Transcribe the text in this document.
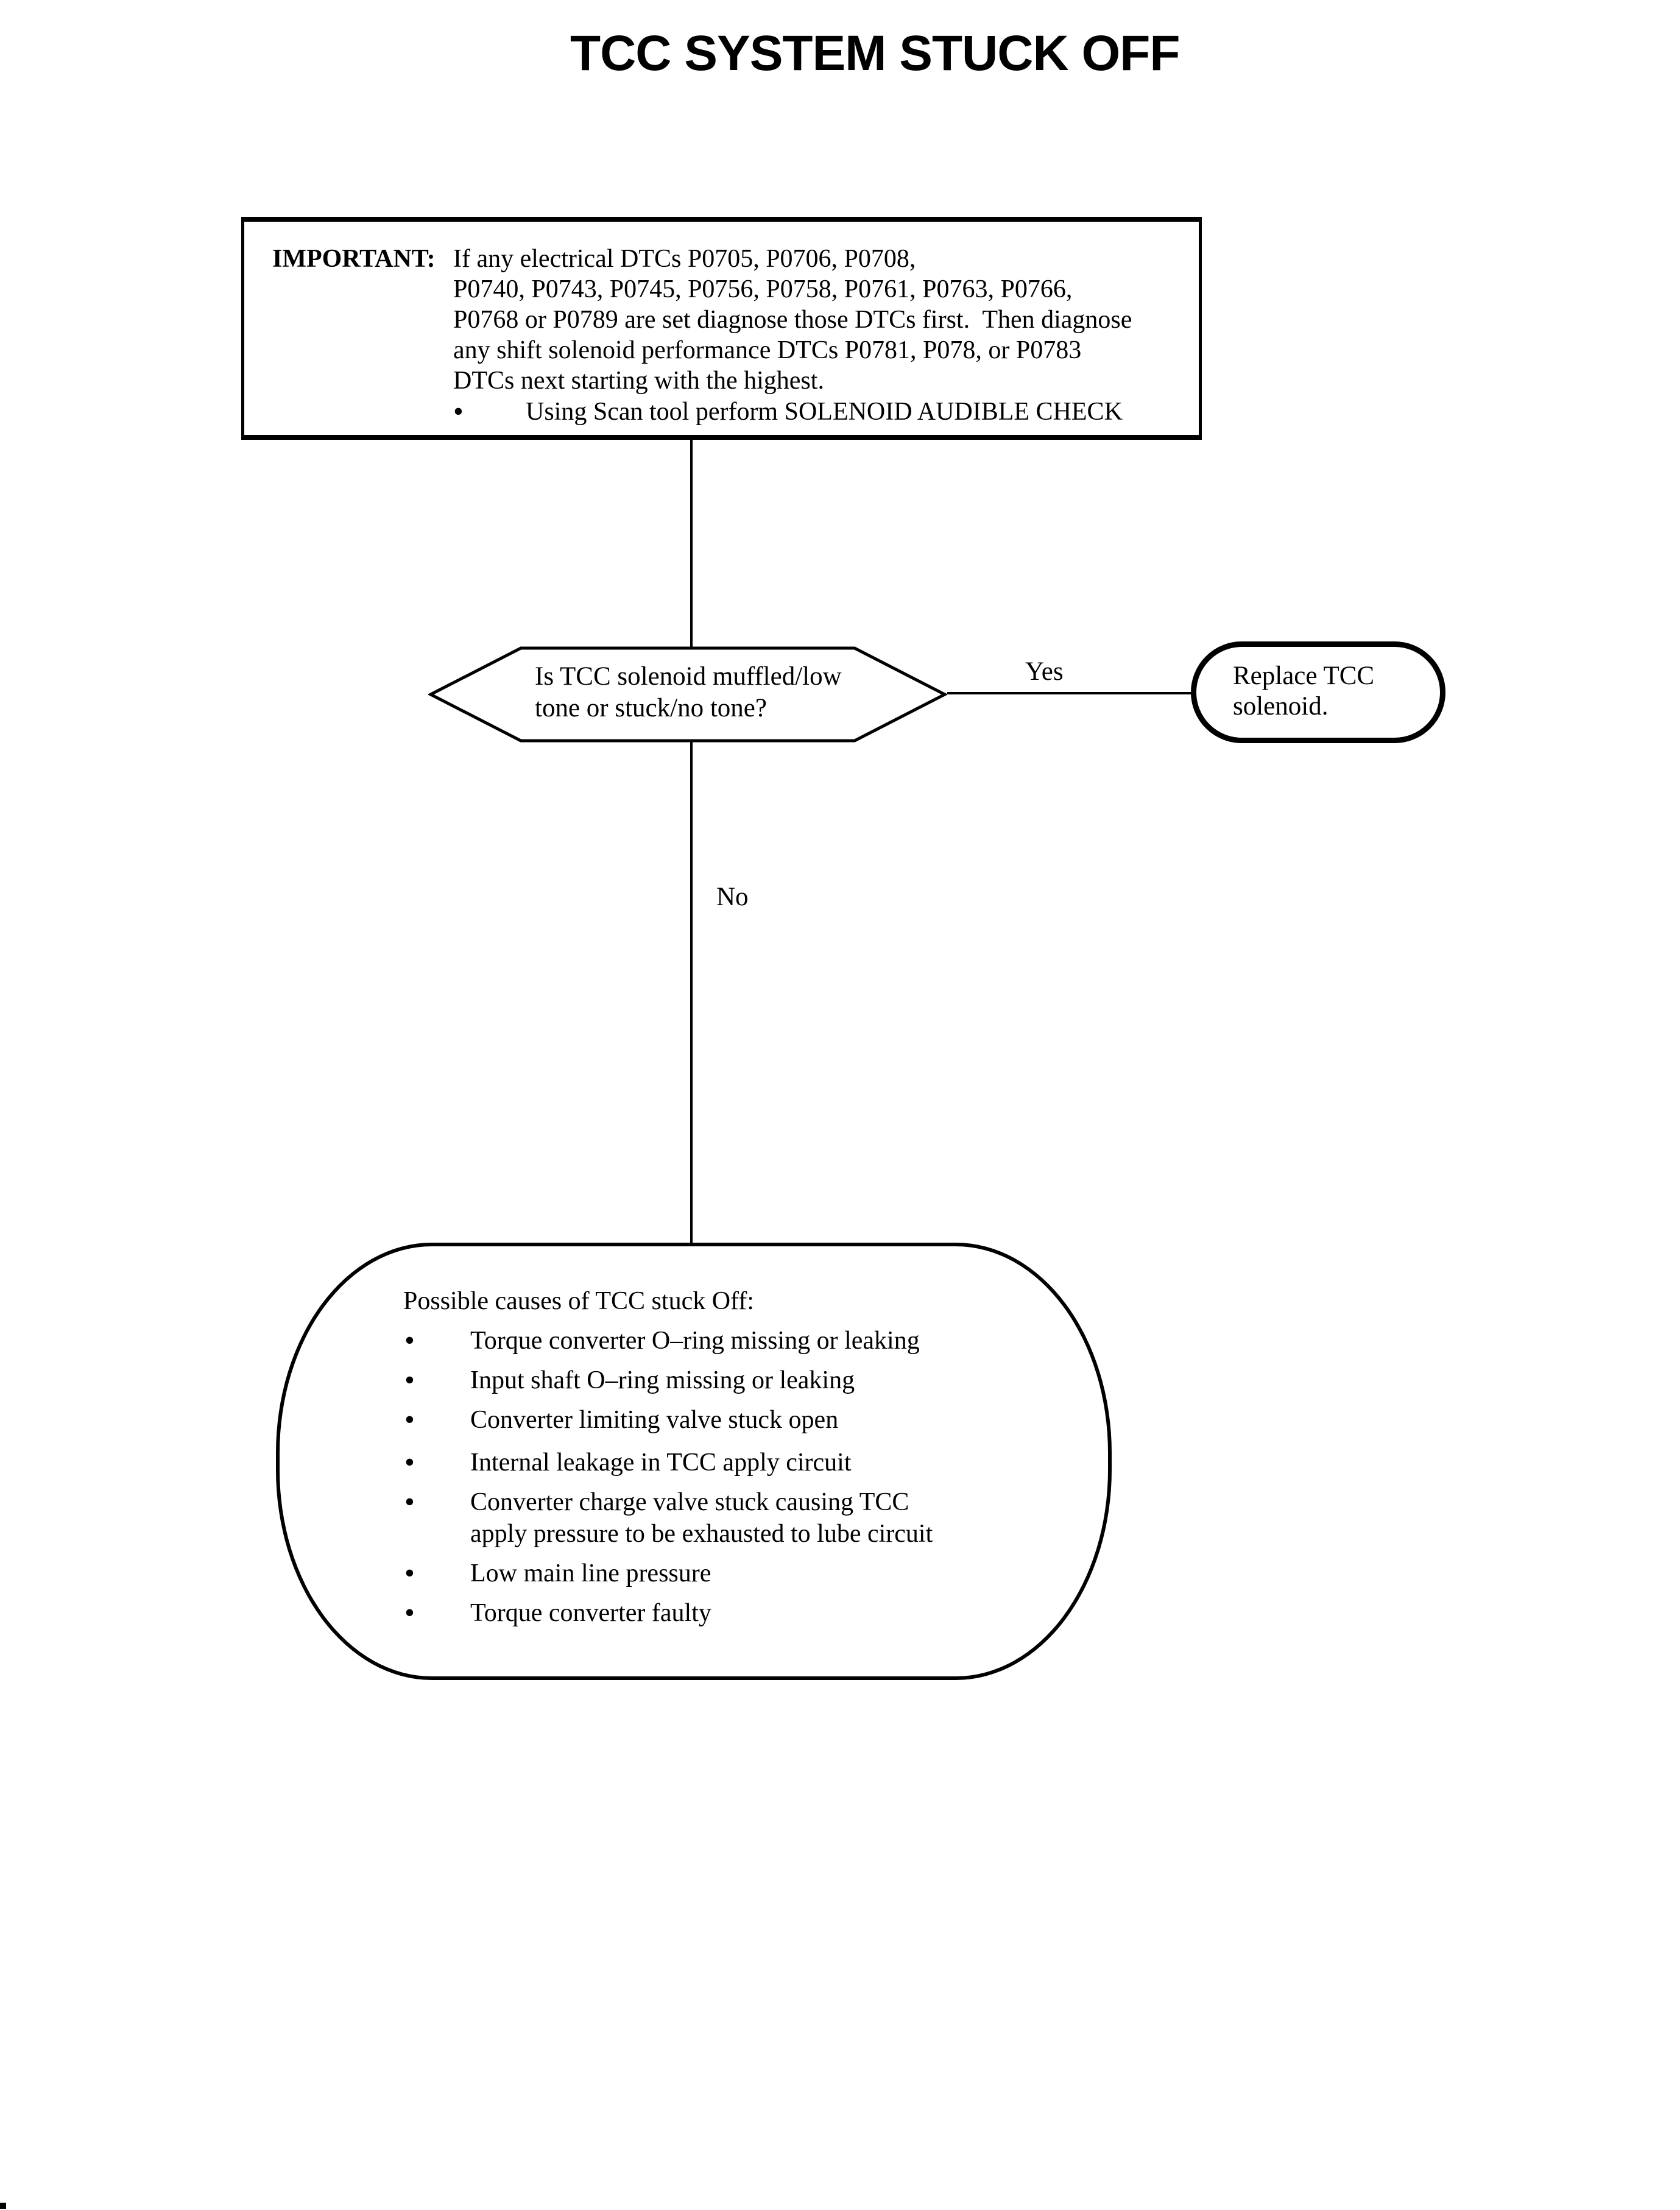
TCC SYSTEM STUCK OFF
IMPORTANT: If any electrical DTCs P0705, P0706, P0708,
P0740, P0743, P0745, P0756, P0758, P0761, P0763, P0766,
P0768 or P0789 are set diagnose those DTCs first.  Then diagnose
any shift solenoid performance DTCs P0781, P078, or P0783
DTCs next starting with the highest.
• Using Scan tool perform SOLENOID AUDIBLE CHECK
Is TCC solenoid muffled/low
tone or stuck/no tone?
Yes	Replace TCC
solenoid.
No
Possible causes of TCC stuck Off:

•

Torque converter O–ring missing or leaking

•

Input shaft O–ring missing or leaking

•

Converter limiting valve stuck open

•

Internal leakage in TCC apply circuit

•

Converter charge valve stuck causing TCC

apply pressure to be exhausted to lube circuit

•

Low main line pressure

•

Torque converter faulty
